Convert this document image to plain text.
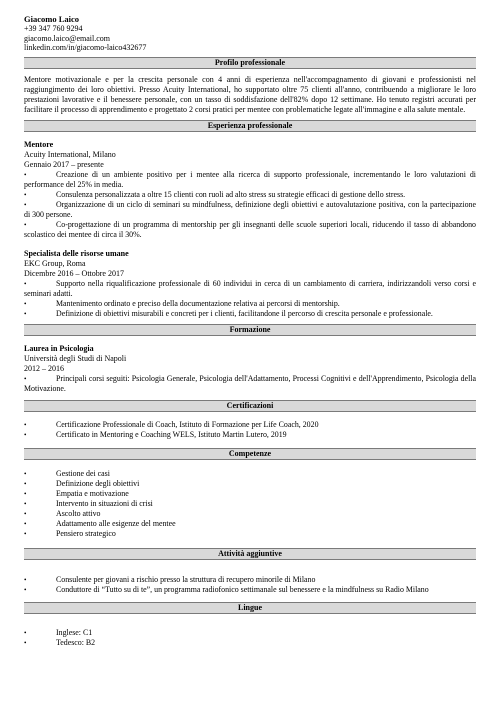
Giacomo Laico
+39 347 760 9294
giacomo.laico@email.com
linkedin.com/in/giacomo-laico432677
Profilo professionale
Mentore motivazionale e per la crescita personale con 4 anni di esperienza nell'accompagnamento di giovani e professionisti nel raggiungimento dei loro obiettivi. Presso Acuity International, ho supportato oltre 75 clienti all'anno, contribuendo a migliorare le loro prestazioni lavorative e il benessere personale, con un tasso di soddisfazione dell'82% dopo 12 settimane. Ho tenuto registri accurati per facilitare il processo di apprendimento e progettato 2 corsi pratici per mentee con problematiche legate all'immagine e alla salute mentale.
Esperienza professionale
Mentore
Acuity International, Milano
Gennaio 2017 – presente
•	Creazione di un ambiente positivo per i mentee alla ricerca di supporto professionale, incrementando le loro valutazioni di performance del 25% in media.
•	Consulenza personalizzata a oltre 15 clienti con ruoli ad alto stress su strategie efficaci di gestione dello stress.
•	Organizzazione di un ciclo di seminari su mindfulness, definizione degli obiettivi e autovalutazione positiva, con la partecipazione di 300 persone.
•	Co-progettazione di un programma di mentorship per gli insegnanti delle scuole superiori locali, riducendo il tasso di abbandono scolastico dei mentee di circa il 30%.
Specialista delle risorse umane
EKC Group, Roma
Dicembre 2016 – Ottobre 2017
•	Supporto nella riqualificazione professionale di 60 individui in cerca di un cambiamento di carriera, indirizzandoli verso corsi e seminari adatti.
•	Mantenimento ordinato e preciso della documentazione relativa ai percorsi di mentorship.
•	Definizione di obiettivi misurabili e concreti per i clienti, facilitandone il percorso di crescita personale e professionale.
Formazione
Laurea in Psicologia
Università degli Studi di Napoli
2012 – 2016
•	Principali corsi seguiti: Psicologia Generale, Psicologia dell'Adattamento, Processi Cognitivi e dell'Apprendimento, Psicologia della Motivazione.
Certificazioni
•	Certificazione Professionale di Coach, Istituto di Formazione per Life Coach, 2020
•	Certificato in Mentoring e Coaching WELS, Istituto Martin Lutero, 2019
Competenze
•	Gestione dei casi
•	Definizione degli obiettivi
•	Empatia e motivazione
•	Intervento in situazioni di crisi
•	Ascolto attivo
•	Adattamento alle esigenze del mentee
•	Pensiero strategico
Attività aggiuntive
•	Consulente per giovani a rischio presso la struttura di recupero minorile di Milano
•	Conduttore di “Tutto su di te”, un programma radiofonico settimanale sul benessere e la mindfulness su Radio Milano
Lingue
•	Inglese: C1
•	Tedesco: B2
